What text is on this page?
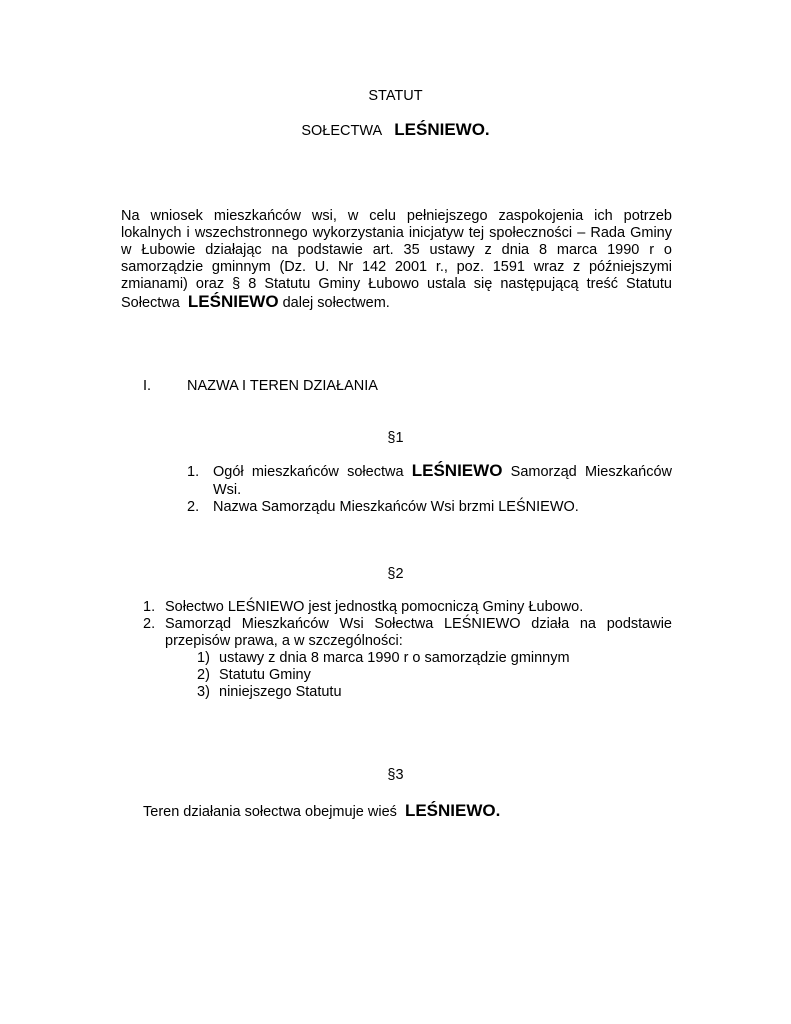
STATUT
SOŁECTWA LEŚNIEWO.
Na wniosek mieszkańców wsi, w celu pełniejszego zaspokojenia ich potrzeb
lokalnych i wszechstronnego wykorzystania inicjatyw tej społeczności – Rada Gminy
w Łubowie działając na podstawie art. 35 ustawy z dnia 8 marca 1990 r o
samorządzie gminnym (Dz. U. Nr 142 2001 r., poz. 1591 wraz z późniejszymi
zmianami) oraz § 8 Statutu Gminy Łubowo ustala się następującą treść Statutu
Sołectwa LEŚNIEWO dalej sołectwem.
I. NAZWA I TEREN DZIAŁANIA
§1
1. Ogół mieszkańców sołectwa LEŚNIEWO Samorząd Mieszkańców
Wsi.
2. Nazwa Samorządu Mieszkańców Wsi brzmi LEŚNIEWO.
§2
1. Sołectwo LEŚNIEWO jest jednostką pomocniczą Gminy Łubowo.
2. Samorząd Mieszkańców Wsi Sołectwa LEŚNIEWO działa na podstawie
przepisów prawa, a w szczególności:
1) ustawy z dnia 8 marca 1990 r o samorządzie gminnym
2) Statutu Gminy
3) niniejszego Statutu
§3
Teren działania sołectwa obejmuje wieś LEŚNIEWO.
